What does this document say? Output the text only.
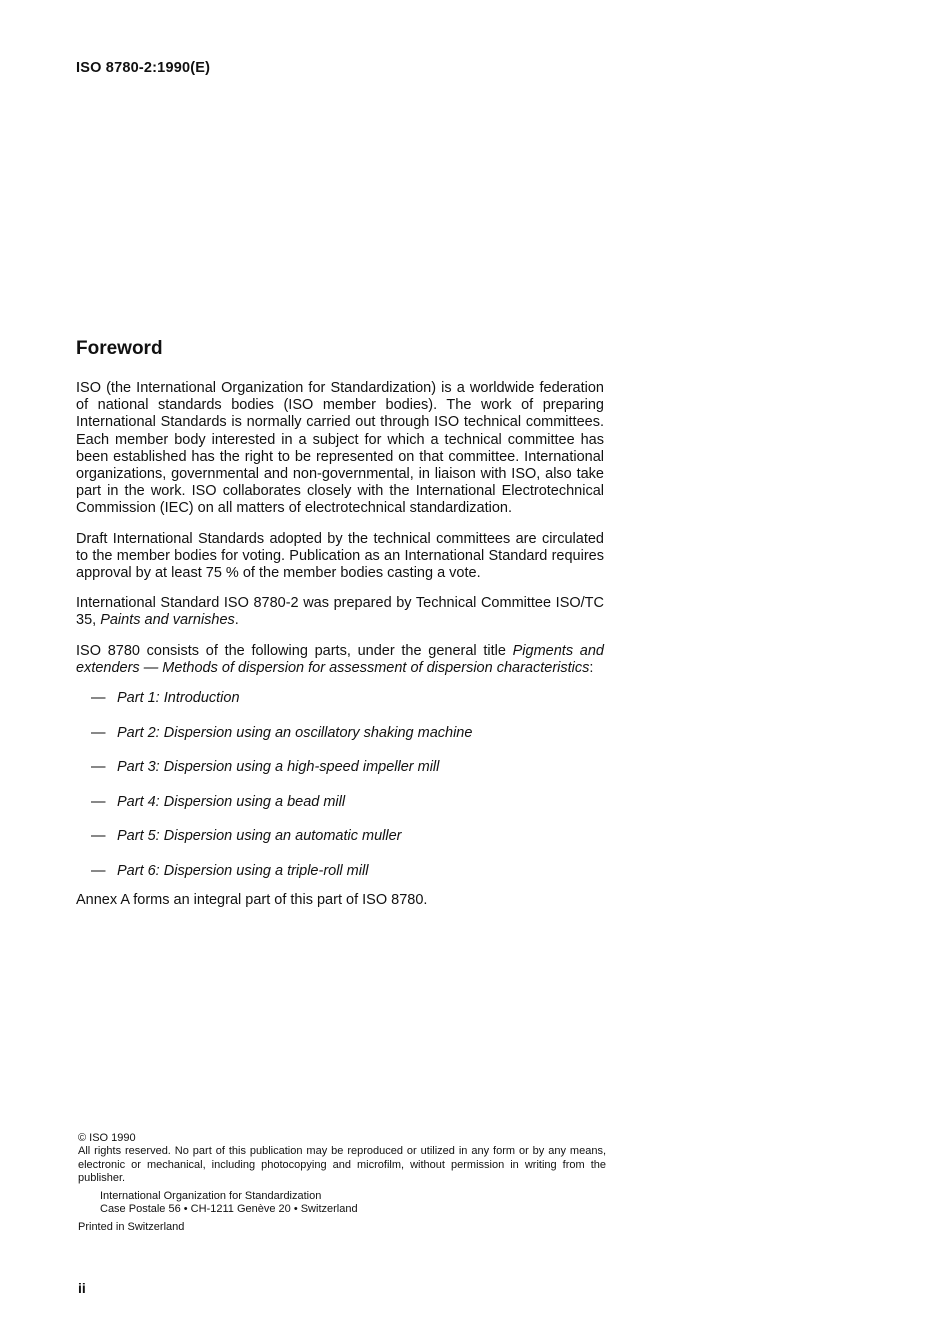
ISO 8780-2:1990(E)
Foreword

ISO (the International Organization for Standardization) is a worldwide federation of national standards bodies (ISO member bodies). The work of preparing International Standards is normally carried out through ISO technical committees. Each member body interested in a subject for which a technical committee has been established has the right to be represented on that committee. International organizations, governmental and non-governmental, in liaison with ISO, also take part in the work. ISO collaborates closely with the International Electrotechnical Commission (IEC) on all matters of electrotechnical standardization.

Draft International Standards adopted by the technical committees are circulated to the member bodies for voting. Publication as an International Standard requires approval by at least 75 % of the member bodies casting a vote.

International Standard ISO 8780-2 was prepared by Technical Committee ISO/TC 35, Paints and varnishes.

ISO 8780 consists of the following parts, under the general title Pigments and extenders — Methods of dispersion for assessment of dispersion characteristics:

— Part 1:
Introduction
— Part 2:
Dispersion using an oscillatory shaking machine
— Part 3:
Dispersion using a high-speed impeller mill
— Part 4:
Dispersion using a bead mill
— Part 5:
Dispersion using an automatic muller
— Part 6:
Dispersion using a triple-roll mill

Annex A forms an integral part of this part of ISO 8780.

© ISO 1990

All rights reserved. No part of this publication may be reproduced or utilized in any form or by any means, electronic or mechanical, including photocopying and microfilm, without permission in writing from the publisher.

International Organization for Standardization
Case Postale 56 • CH-1211 Genève 20 • Switzerland
Printed in Switzerland
ii
